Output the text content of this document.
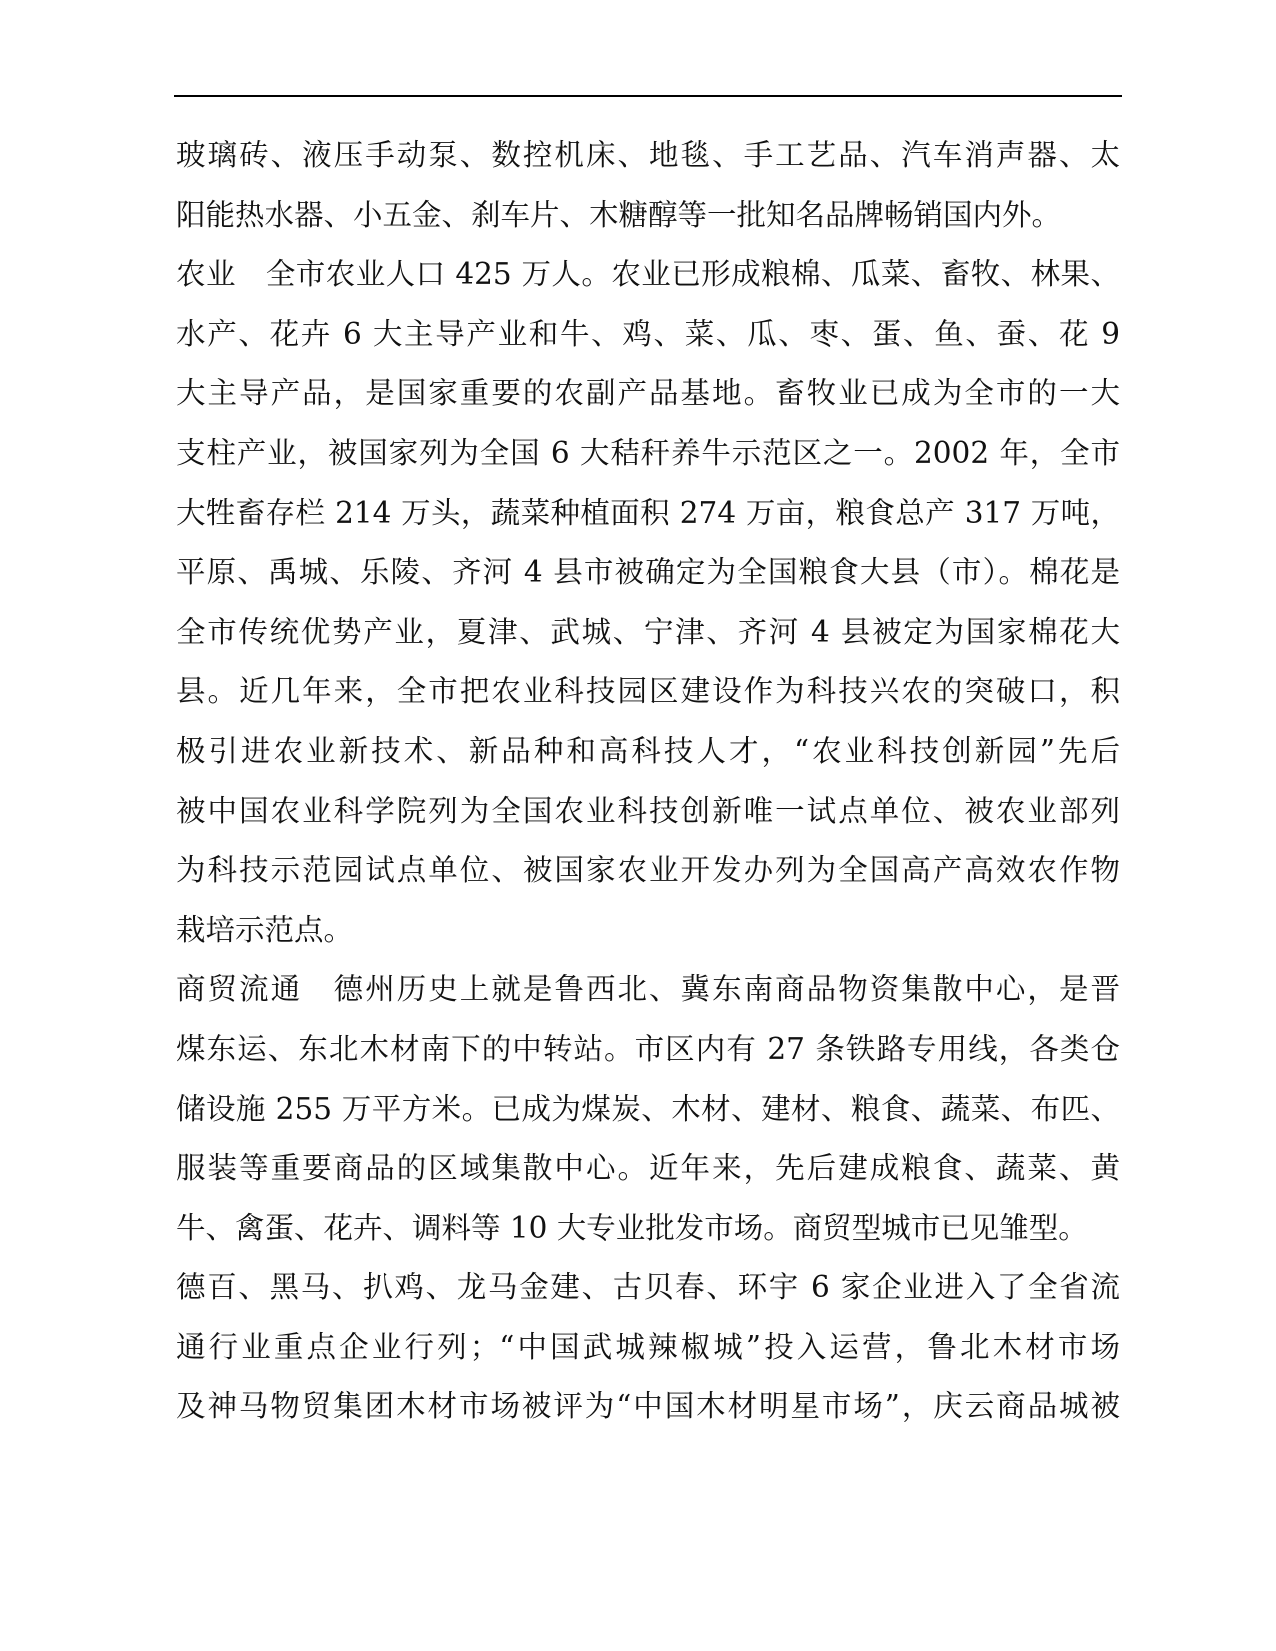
玻璃砖、液压手动泵、数控机床、地毯、手工艺品、汽车消声器、太
阳能热水器、小五金、刹车片、木糖醇等一批知名品牌畅销国内外。
农业　全市农业人口 425 万人。农业已形成粮棉、瓜菜、畜牧、林果、
水产、花卉 6 大主导产业和牛、鸡、菜、瓜、枣、蛋、鱼、蚕、花 9
大主导产品，是国家重要的农副产品基地。畜牧业已成为全市的一大
支柱产业，被国家列为全国 6 大秸秆养牛示范区之一。2002 年，全市
大牲畜存栏 214 万头，蔬菜种植面积 274 万亩，粮食总产 317 万吨，
平原、禹城、乐陵、齐河 4 县市被确定为全国粮食大县（市）。棉花是
全市传统优势产业，夏津、武城、宁津、齐河 4 县被定为国家棉花大
县。近几年来，全市把农业科技园区建设作为科技兴农的突破口，积
极引进农业新技术、新品种和高科技人才，“农业科技创新园”先后
被中国农业科学院列为全国农业科技创新唯一试点单位、被农业部列
为科技示范园试点单位、被国家农业开发办列为全国高产高效农作物
栽培示范点。
商贸流通　德州历史上就是鲁西北、冀东南商品物资集散中心，是晋
煤东运、东北木材南下的中转站。市区内有 27 条铁路专用线，各类仓
储设施 255 万平方米。已成为煤炭、木材、建材、粮食、蔬菜、布匹、
服装等重要商品的区域集散中心。近年来，先后建成粮食、蔬菜、黄
牛、禽蛋、花卉、调料等 10 大专业批发市场。商贸型城市已见雏型。
德百、黑马、扒鸡、龙马金建、古贝春、环宇 6 家企业进入了全省流
通行业重点企业行列；“中国武城辣椒城”投入运营，鲁北木材市场
及神马物贸集团木材市场被评为“中国木材明星市场”，庆云商品城被
